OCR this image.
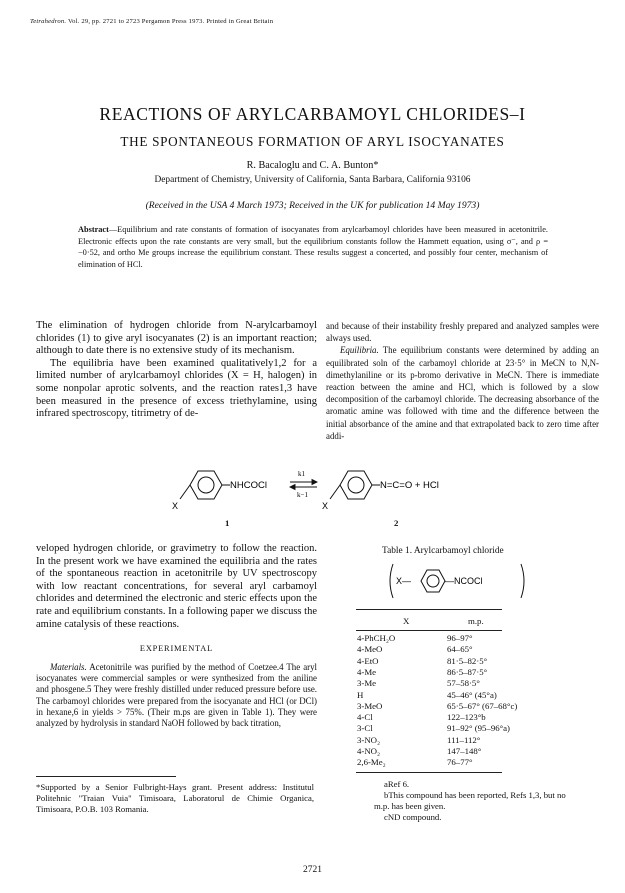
Tetrahedron. Vol. 29, pp. 2721 to 2723 Pergamon Press 1973. Printed in Great Britain
REACTIONS OF ARYLCARBAMOYL CHLORIDES–I
THE SPONTANEOUS FORMATION OF ARYL ISOCYANATES
R. Bacaloglu and C. A. Bunton*
Department of Chemistry, University of California, Santa Barbara, California 93106
(Received in the USA 4 March 1973; Received in the UK for publication 14 May 1973)
Abstract—Equilibrium and rate constants of formation of isocyanates from arylcarbamoyl chlorides have been measured in acetonitrile. Electronic effects upon the rate constants are very small, but the equilibrium constants follow the Hammett equation, using σ⁻, and ρ = −0·52, and ortho Me groups increase the equilibrium constant. These results suggest a concerted, and possibly four center, mechanism of elimination of HCl.

The elimination of hydrogen chloride from N-arylcarbamoyl chlorides (1) to give aryl isocyanates (2) is an important reaction; although to date there is no extensive study of its mechanism.

The equilibria have been examined qualitatively1,2 for a limited number of arylcarbamoyl chlorides (X = H, halogen) in some nonpolar aprotic solvents, and the reaction rates1,3 have been measured in the presence of excess triethylamine, using infrared spectroscopy, titrimetry of de-

and because of their instability freshly prepared and analyzed samples were always used.

Equilibria. The equilibrium constants were determined by adding an equilibrated soln of the carbamoyl chloride at 23·5° in MeCN to N,N-dimethylaniline or its p-bromo derivative in MeCN. There is immediate reaction between the amine and HCl, which is followed by a slow decomposition of the carbamoyl chloride. The decreasing absorbance of the aromatic amine was followed with time and the difference between the initial absorbance of the amine and that extrapolated back to zero time after addi-

X
NHCOCl
k1
k−1
X
N=C=O + HCl
1	2

veloped hydrogen chloride, or gravimetry to follow the reaction. In the present work we have examined the equilibria and the rates of the spontaneous reaction in acetonitrile by UV spectroscopy with low reactant concentrations, for several aryl carbamoyl chlorides and determined the electronic and steric effects upon the rate and equilibrium constants. In a following paper we discuss the amine catalysis of these reactions.

EXPERIMENTAL

Materials. Acetonitrile was purified by the method of Coetzee.4 The aryl isocyanates were commercial samples or were synthesized from the aniline and phosgene.5 They were freshly distilled under reduced pressure before use. The carbamoyl chlorides were prepared from the isocyanate and HCl (or DCl) in hexane,6 in yields > 75%. (Their m.ps are given in Table 1). They were analyzed by hydrolysis in standard NaOH followed by back titration,

*Supported by a Senior Fulbright-Hays grant. Present address: Institutul Politehnic "Traian Vuia" Timisoara, Laboratorul de Chimie Organica, Timisoara, P.O.B. 103 Romania.
Table 1. Arylcarbamoyl chloride
X—	—NCOCl
X	m.p.
4-PhCH₂O	96–97°
4-MeO	64–65°
4-EtO	81·5–82·5°
4-Me	86·5–87·5°
3-Me	57–58·5°
H	45–46° (45°a)
3-MeO	65·5–67° (67–68°c)
4-Cl	122–123°b
3-Cl	91–92° (95–96°a)
3-NO₂	111–112°
4-NO₂	147–148°
2,6-Me₂	76–77°

aRef 6.

bThis compound has been reported, Refs 1,3, but no m.p. has been given.

cND compound.

2721
